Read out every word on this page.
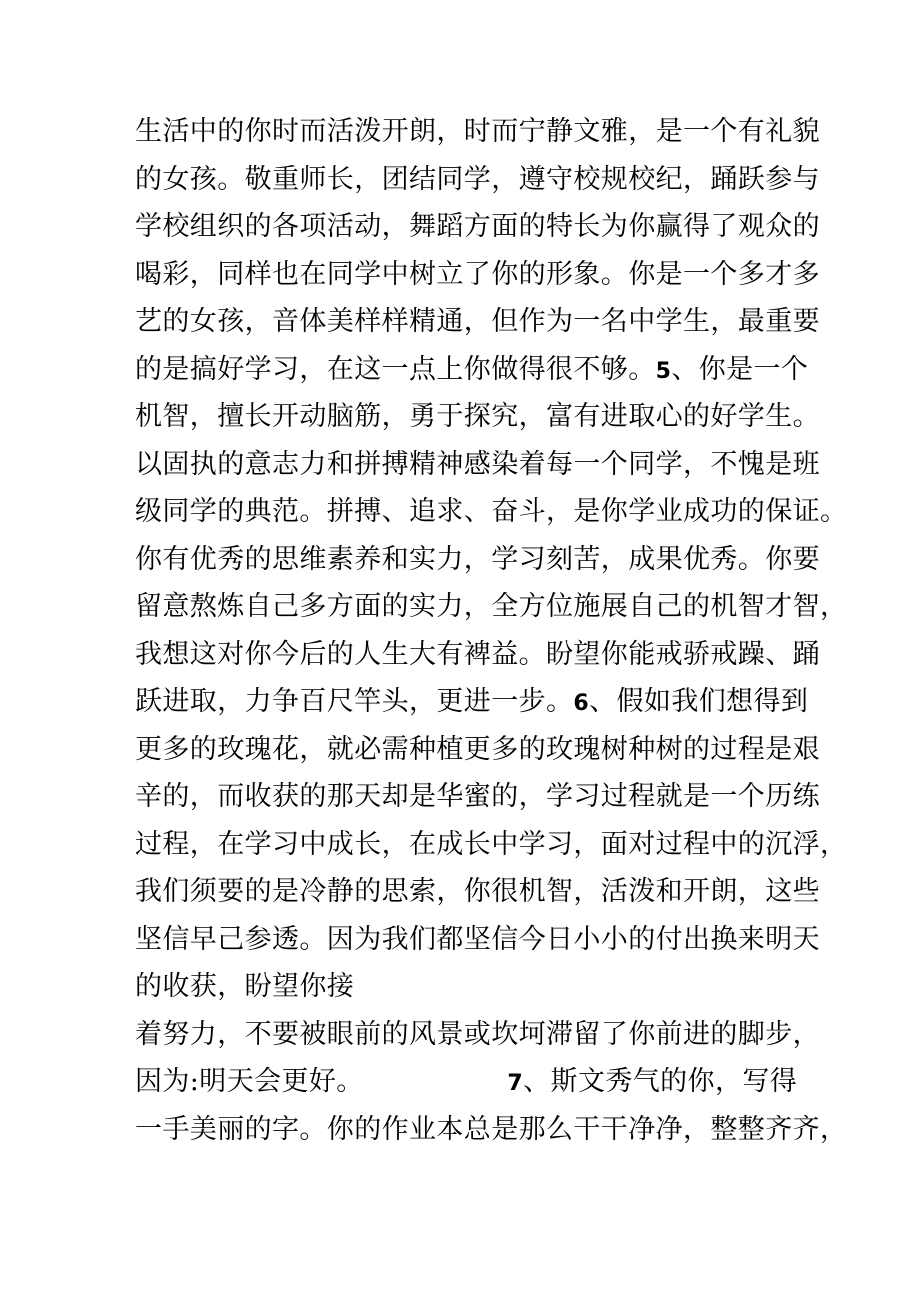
生活中的你时而活泼开朗，时而宁静文雅，是一个有礼貌
的女孩。敬重师长，团结同学，遵守校规校纪，踊跃参与
学校组织的各项活动，舞蹈方面的特长为你赢得了观众的
喝彩，同样也在同学中树立了你的形象。你是一个多才多
艺的女孩，音体美样样精通，但作为一名中学生，最重要
的是搞好学习，在这一点上你做得很不够。5、你是一个
机智，擅长开动脑筋，勇于探究，富有进取心的好学生。
以固执的意志力和拼搏精神感染着每一个同学，不愧是班
级同学的典范。拼搏、追求、奋斗，是你学业成功的保证。
你有优秀的思维素养和实力，学习刻苦，成果优秀。你要
留意熬炼自己多方面的实力，全方位施展自己的机智才智，
我想这对你今后的人生大有裨益。盼望你能戒骄戒躁、踊
跃进取，力争百尺竿头，更进一步。6、假如我们想得到
更多的玫瑰花，就必需种植更多的玫瑰树种树的过程是艰
辛的，而收获的那天却是华蜜的，学习过程就是一个历练
过程，在学习中成长，在成长中学习，面对过程中的沉浮，
我们须要的是冷静的思索，你很机智，活泼和开朗，这些
坚信早己参透。因为我们都坚信今日小小的付出换来明天
的收获，盼望你接
着努力，不要被眼前的风景或坎坷滞留了你前进的脚步，
因为:明天会更好。                7、斯文秀气的你，写得
一手美丽的字。你的作业本总是那么干干净净，整整齐齐，
